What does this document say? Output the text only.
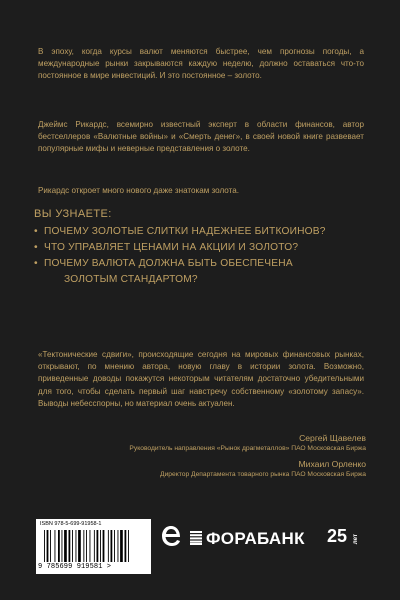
В эпоху, когда курсы валют меняются быстрее, чем прогнозы погоды, а международные рынки закрываются каждую неделю, должно оставаться что-то постоянное в мире инвестиций. И это постоянное – золото.
Джеймс Рикардс, всемирно известный эксперт в области финансов, автор бестселлеров «Валютные войны» и «Смерть денег», в своей новой книге развевает популярные мифы и неверные представления о золоте.
Рикардс откроет много нового даже знатокам золота.
ВЫ УЗНАЕТЕ:
• ПОЧЕМУ ЗОЛОТЫЕ СЛИТКИ НАДЕЖНЕЕ БИТКОИНОВ?
• ЧТО УПРАВЛЯЕТ ЦЕНАМИ НА АКЦИИ И ЗОЛОТО?
• ПОЧЕМУ ВАЛЮТА ДОЛЖНА БЫТЬ ОБЕСПЕЧЕНА
ЗОЛОТЫМ СТАНДАРТОМ?
«Тектонические сдвиги», происходящие сегодня на мировых финансовых рынках, открывают, по мнению автора, новую главу в истории золота. Возможно, приведенные доводы покажутся некоторым читателям достаточно убедительными для того, чтобы сделать первый шаг навстречу собственному «золотому запасу». Выводы небесспорны, но материал очень актуален.
Сергей Щавелев
Руководитель направления «Рынок драгметаллов» ПАО Московская Биржа
Михаил Орленко
Директор Департамента товарного рынка ПАО Московская Биржа
ISBN 978-5-699-91958-1
9 785699 919581 >
ФОРАБАНК 25 лет
